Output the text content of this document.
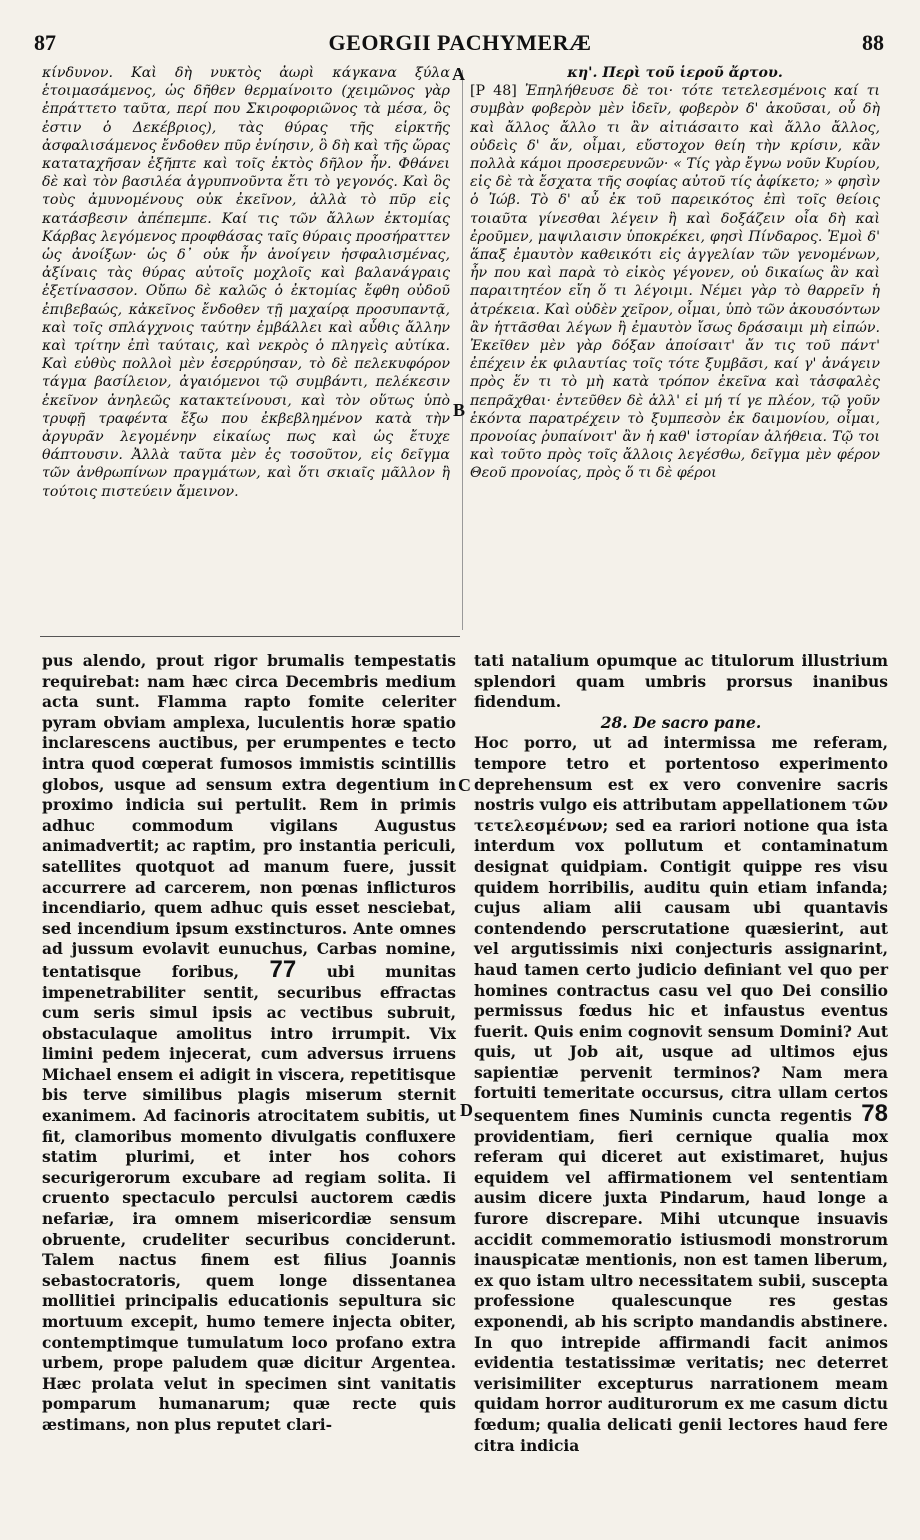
87	GEORGII PACHYMERÆ	88
κίνδυνον. Καὶ δὴ νυκτὸς ἀωρὶ κάγκανα ξύλα ἑτοιμασάμενος, ὡς δῆθεν θερμαίνοιτο (χειμῶνος γὰρ ἐπράττετο ταῦτα, περί που Σκιροφοριῶνος τὰ μέσα, ὃς ἐστιν ὁ Δεκέβριος), τὰς θύρας τῆς εἱρκτῆς ἀσφαλισάμενος ἔνδοθεν πῦρ ἐνίησιν, ὃ δὴ καὶ τῆς ὥρας καταταχῆσαν ἐξῆπτε καὶ τοῖς ἐκτὸς δῆλον ἦν. Φθάνει δὲ καὶ τὸν βασιλέα ἀγρυπνοῦντα ἔτι τὸ γεγονός. Καὶ ὃς τοὺς ἀμυνομένους οὐκ ἐκεῖνον, ἀλλὰ τὸ πῦρ εἰς κατάσβεσιν ἀπέπεμπε. Καί τις τῶν ἄλλων ἐκτομίας Κάρβας λεγόμενος προφθάσας ταῖς θύραις προσήραττεν ὡς ἀνοίξων· ὡς δ᾽ οὐκ ἦν ἀνοίγειν ἠσφαλισμένας, ἀξίναις τὰς θύρας αὐτοῖς μοχλοῖς καὶ βαλανάγραις ἐξετίνασσον. Οὔπω δὲ καλῶς ὁ ἐκτομίας ἔφθη οὐδοῦ ἐπιβεβαώς, κἀκεῖνος ἔνδοθεν τῇ μαχαίρᾳ προσυπαντᾷ, καὶ τοῖς σπλάγχνοις ταύτην ἐμβάλλει καὶ αὖθις ἄλλην καὶ τρίτην ἐπὶ ταύταις, καὶ νεκρὸς ὁ πληγεὶς αὐτίκα. Καὶ εὐθὺς πολλοὶ μὲν ἐσερρύησαν, τὸ δὲ πελεκυφόρον τάγμα βασίλειον, ἀγαιόμενοι τῷ συμβάντι, πελέκεσιν ἐκεῖνον ἀνηλεῶς κατακτείνουσι, καὶ τὸν οὕτως ὑπὸ τρυφῇ τραφέντα ἔξω που ἐκβεβλημένον κατὰ τὴν ἀργυρᾶν λεγομένην εἰκαίως πως καὶ ὡς ἔτυχε θάπτουσιν. Ἀλλὰ ταῦτα μὲν ἐς τοσοῦτον, εἰς δεῖγμα τῶν ἀνθρωπίνων πραγμάτων, καὶ ὅτι σκιαῖς μᾶλλον ἢ τούτοις πιστεύειν ἄμεινον.
κη'. Περὶ τοῦ ἱεροῦ ἄρτου.
[P 48] Ἐπηλήθευσε δὲ τοι· τότε τετελεσμένοις καί τι συμβὰν φοβερὸν μὲν ἰδεῖν, φοβερὸν δ' ἀκοῦσαι, οὗ δὴ καὶ ἄλλος ἄλλο τι ἂν αἰτιάσαιτο καὶ ἄλλο ἄλλος, οὐδεὶς δ' ἄν, οἶμαι, εὔστοχον θείη τὴν κρίσιν, κἂν πολλὰ κάμοι προσερευνῶν· « Τίς γὰρ ἔγνω νοῦν Κυρίου, εἰς δὲ τὰ ἔσχατα τῆς σοφίας αὐτοῦ τίς ἀφίκετο; » φησὶν ὁ Ἰώβ. Τὸ δ' αὖ ἐκ τοῦ παρεικότος ἐπὶ τοῖς θείοις τοιαῦτα γίνεσθαι λέγειν ἢ καὶ δοξάζειν οἷα δὴ καὶ ἐροῦμεν, μαψιλαισιν ὑποκρέκει, φησὶ Πίνδαρος. Ἐμοὶ δ' ἅπαξ ἐμαυτὸν καθεικότι εἰς ἀγγελίαν τῶν γενομένων, ἦν που καὶ παρὰ τὸ εἰκὸς γέγονεν, οὐ δικαίως ἂν καὶ παραιτητέον εἴη ὅ τι λέγοιμι. Νέμει γὰρ τὸ θαρρεῖν ἡ ἀτρέκεια. Καὶ οὐδὲν χεῖρον, οἶμαι, ὑπὸ τῶν ἀκουσόντων ἂν ἡττᾶσθαι λέγων ἢ ἐμαυτὸν ἴσως δράσαιμι μὴ εἰπών. Ἐκεῖθεν μὲν γὰρ δόξαν ἀποίσαιτ' ἄν τις τοῦ πάντ' ἐπέχειν ἐκ φιλαυτίας τοῖς τότε ξυμβᾶσι, καί γ' ἀνάγειν πρὸς ἕν τι τὸ μὴ κατὰ τρόπον ἐκεῖνα καὶ τἀσφαλὲς πεπρᾶχθαι· ἐντεῦθεν δὲ ἀλλ' εἰ μή τί γε πλέον, τῷ γοῦν ἑκόντα παρατρέχειν τὸ ξυμπεσὸν ἐκ δαιμονίου, οἶμαι, προνοίας ῥυπαίνοιτ' ἂν ἡ καθ' ἱστορίαν ἀλήθεια. Τῷ τοι καὶ τοῦτο πρὸς τοῖς ἄλλοις λεγέσθω, δεῖγμα μὲν φέρον Θεοῦ προνοίας, πρὸς ὅ τι δὲ φέροι
pus alendo, prout rigor brumalis tempestatis requirebat: nam hæc circa Decembris medium acta sunt. Flamma rapto fomite celeriter pyram obviam amplexa, luculentis horæ spatio inclarescens auctibus, per erumpentes e tecto intra quod cœperat fumosos immistis scintillis globos, usque ad sensum extra degentium in proximo indicia sui pertulit. Rem in primis adhuc commodum vigilans Augustus animadvertit; ac raptim, pro instantia periculi, satellites quotquot ad manum fuere, jussit accurrere ad carcerem, non pœnas inflicturos incendiario, quem adhuc quis esset nesciebat, sed incendium ipsum exstincturos. Ante omnes ad jussum evolavit eunuchus, Carbas nomine, tentatisque foribus, 77 ubi munitas impenetrabiliter sentit, securibus effractas cum seris simul ipsis ac vectibus subruit, obstaculaque amolitus intro irrumpit. Vix limini pedem injecerat, cum adversus irruens Michael ensem ei adigit in viscera, repetitisque bis terve similibus plagis miserum sternit exanimem. Ad facinoris atrocitatem subitis, ut fit, clamoribus momento divulgatis confluxere statim plurimi, et inter hos cohors securigerorum excubare ad regiam solita. Ii cruento spectaculo perculsi auctorem cædis nefariæ, ira omnem misericordiæ sensum obruente, crudeliter securibus conciderunt. Talem nactus finem est filius Joannis sebastocratoris, quem longe dissentanea mollitiei principalis educationis sepultura sic mortuum excepit, humo temere injecta obiter, contemptimque tumulatum loco profano extra urbem, prope paludem quæ dicitur Argentea. Hæc prolata velut in specimen sint vanitatis pomparum humanarum; quæ recte quis æstimans, non plus reputet clari-
tati natalium opumque ac titulorum illustrium splendori quam umbris prorsus inanibus fidendum.
28. De sacro pane.
Hoc porro, ut ad intermissa me referam, tempore tetro et portentoso experimento deprehensum est ex vero convenire sacris nostris vulgo eis attributam appellationem τῶν τετελεσμένων; sed ea rariori notione qua ista interdum vox pollutum et contaminatum designat quidpiam. Contigit quippe res visu quidem horribilis, auditu quin etiam infanda; cujus aliam alii causam ubi quantavis contendendo perscrutatione quæsierint, aut vel argutissimis nixi conjecturis assignarint, haud tamen certo judicio definiant vel quo per homines contractus casu vel quo Dei consilio permissus fœdus hic et infaustus eventus fuerit. Quis enim cognovit sensum Domini? Aut quis, ut Job ait, usque ad ultimos ejus sapientiæ pervenit terminos? Nam mera fortuiti temeritate occursus, citra ullam certos sequentem fines Numinis cuncta regentis 78 providentiam, fieri cernique qualia mox referam qui diceret aut existimaret, hujus equidem vel affirmationem vel sententiam ausim dicere juxta Pindarum, haud longe a furore discrepare. Mihi utcunque insuavis accidit commemoratio istiusmodi monstrorum inauspicatæ mentionis, non est tamen liberum, ex quo istam ultro necessitatem subii, suscepta professione qualescunque res gestas exponendi, ab his scripto mandandis abstinere. In quo intrepide affirmandi facit animos evidentia testatissimæ veritatis; nec deterret verisimiliter excepturus narrationem meam quidam horror auditurorum ex me casum dictu fœdum; qualia delicati genii lectores haud fere citra indicia
A
B
C
D
